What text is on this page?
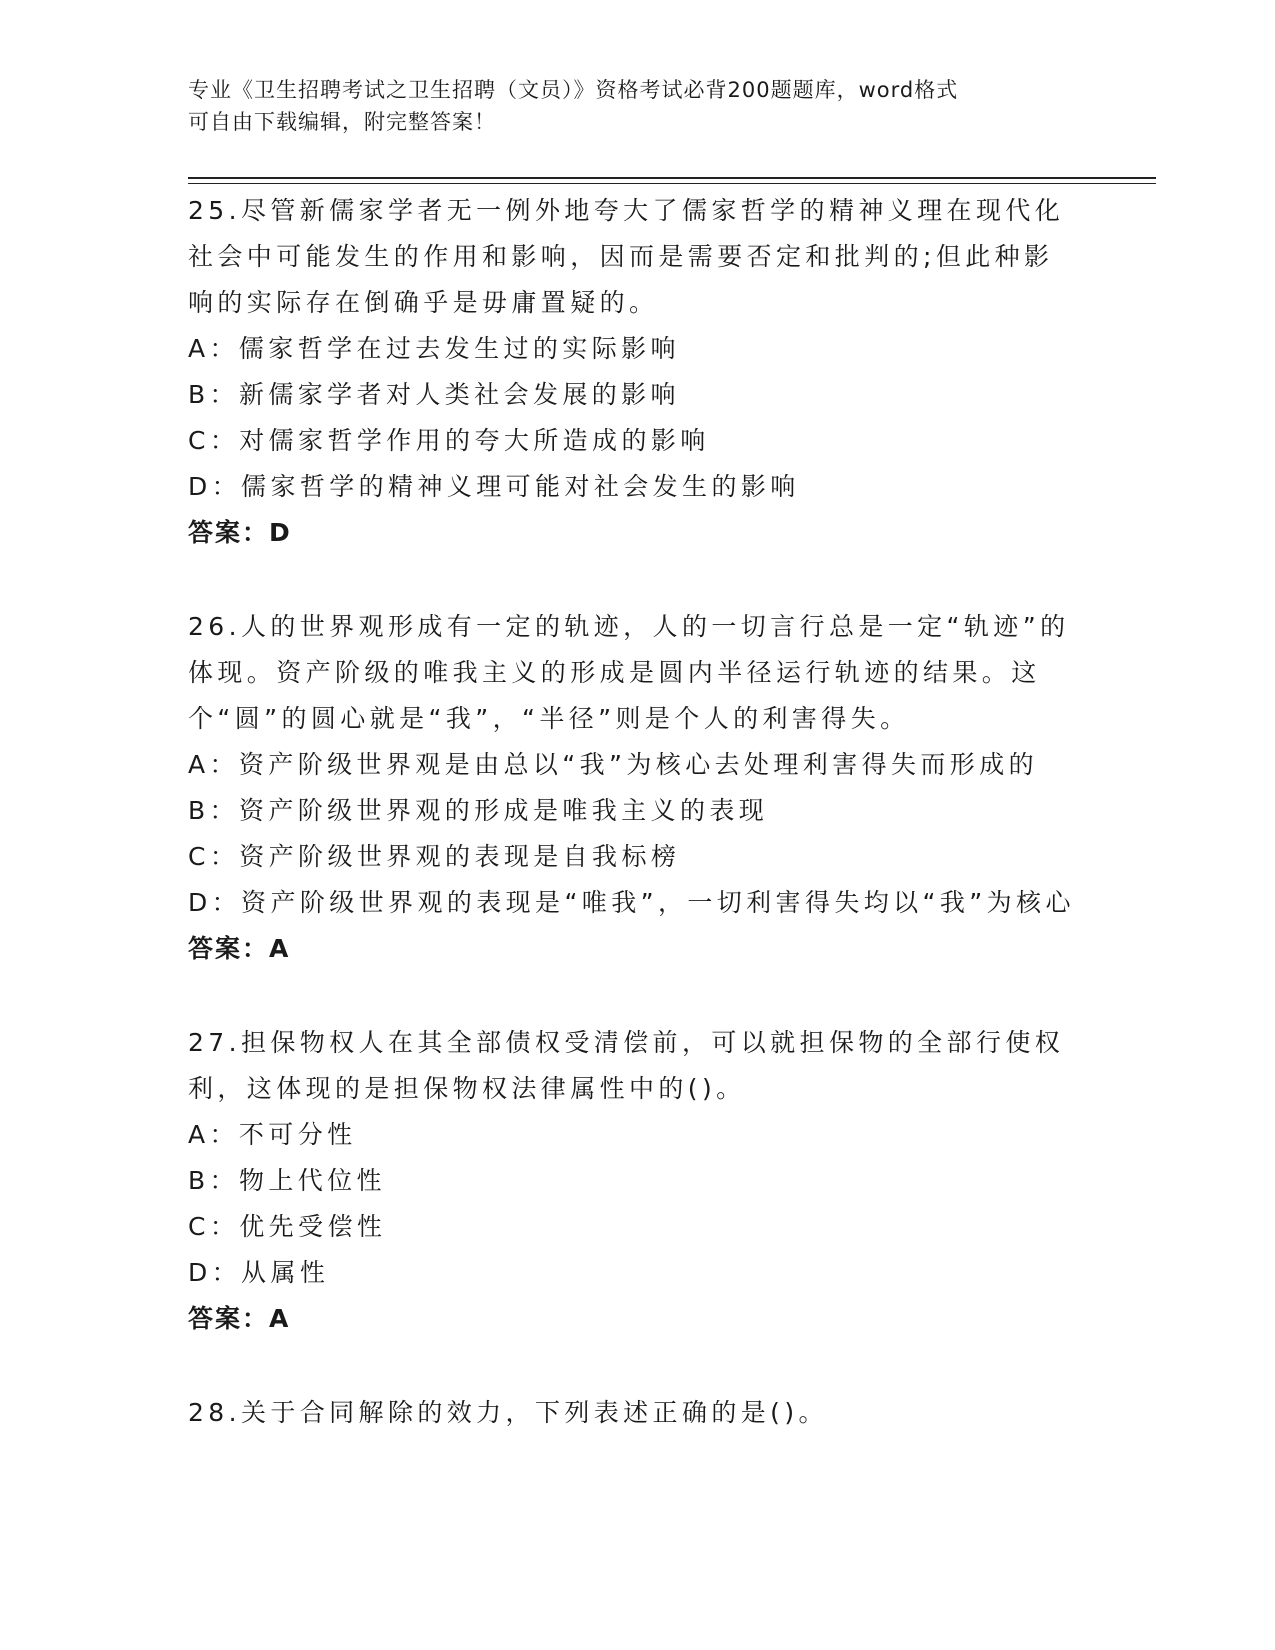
专业《卫生招聘考试之卫生招聘（文员）》资格考试必背200题题库，word格式
可自由下载编辑，附完整答案！
25.尽管新儒家学者无一例外地夸大了儒家哲学的精神义理在现代化社会中可能发生的作用和影响，因而是需要否定和批判的;但此种影响的实际存在倒确乎是毋庸置疑的。
A：儒家哲学在过去发生过的实际影响
B：新儒家学者对人类社会发展的影响
C：对儒家哲学作用的夸大所造成的影响
D：儒家哲学的精神义理可能对社会发生的影响
答案：D
26.人的世界观形成有一定的轨迹，人的一切言行总是一定“轨迹”的体现。资产阶级的唯我主义的形成是圆内半径运行轨迹的结果。这个“圆”的圆心就是“我”，“半径”则是个人的利害得失。
A：资产阶级世界观是由总以“我”为核心去处理利害得失而形成的
B：资产阶级世界观的形成是唯我主义的表现
C：资产阶级世界观的表现是自我标榜
D：资产阶级世界观的表现是“唯我”，一切利害得失均以“我”为核心
答案：A
27.担保物权人在其全部债权受清偿前，可以就担保物的全部行使权利，这体现的是担保物权法律属性中的()。
A：不可分性
B：物上代位性
C：优先受偿性
D：从属性
答案：A
28.关于合同解除的效力，下列表述正确的是()。
